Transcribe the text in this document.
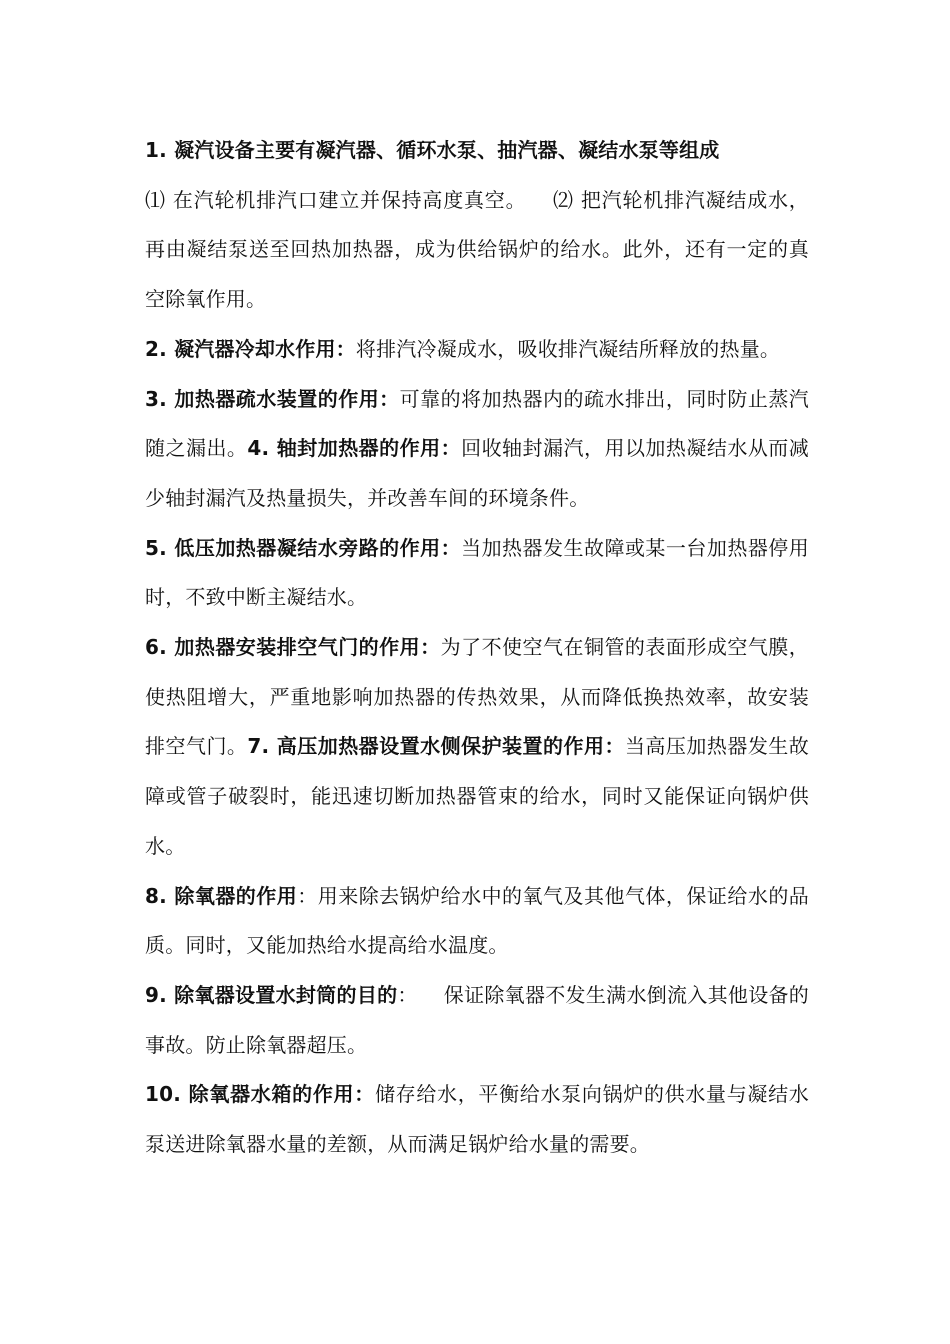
1. 凝汽设备主要有凝汽器、循环水泵、抽汽器、凝结水泵等组成
⑴ 在汽轮机排汽口建立并保持高度真空。 ⑵ 把汽轮机排汽凝结成水，再由凝结泵送至回热加热器，成为供给锅炉的给水。此外，还有一定的真空除氧作用。

2. 凝汽器冷却水作用：将排汽冷凝成水，吸收排汽凝结所释放的热量。

3. 加热器疏水装置的作用：可靠的将加热器内的疏水排出，同时防止蒸汽随之漏出。4. 轴封加热器的作用：回收轴封漏汽，用以加热凝结水从而减少轴封漏汽及热量损失，并改善车间的环境条件。

5. 低压加热器凝结水旁路的作用：当加热器发生故障或某一台加热器停用时，不致中断主凝结水。

6. 加热器安装排空气门的作用：为了不使空气在铜管的表面形成空气膜，使热阻增大，严重地影响加热器的传热效果，从而降低换热效率，故安装排空气门。7. 高压加热器设置水侧保护装置的作用：当高压加热器发生故障或管子破裂时，能迅速切断加热器管束的给水，同时又能保证向锅炉供水。

8. 除氧器的作用：用来除去锅炉给水中的氧气及其他气体，保证给水的品质。同时，又能加热给水提高给水温度。

9. 除氧器设置水封筒的目的： 保证除氧器不发生满水倒流入其他设备的事故。防止除氧器超压。

10. 除氧器水箱的作用：储存给水，平衡给水泵向锅炉的供水量与凝结水泵送进除氧器水量的差额，从而满足锅炉给水量的需要。
